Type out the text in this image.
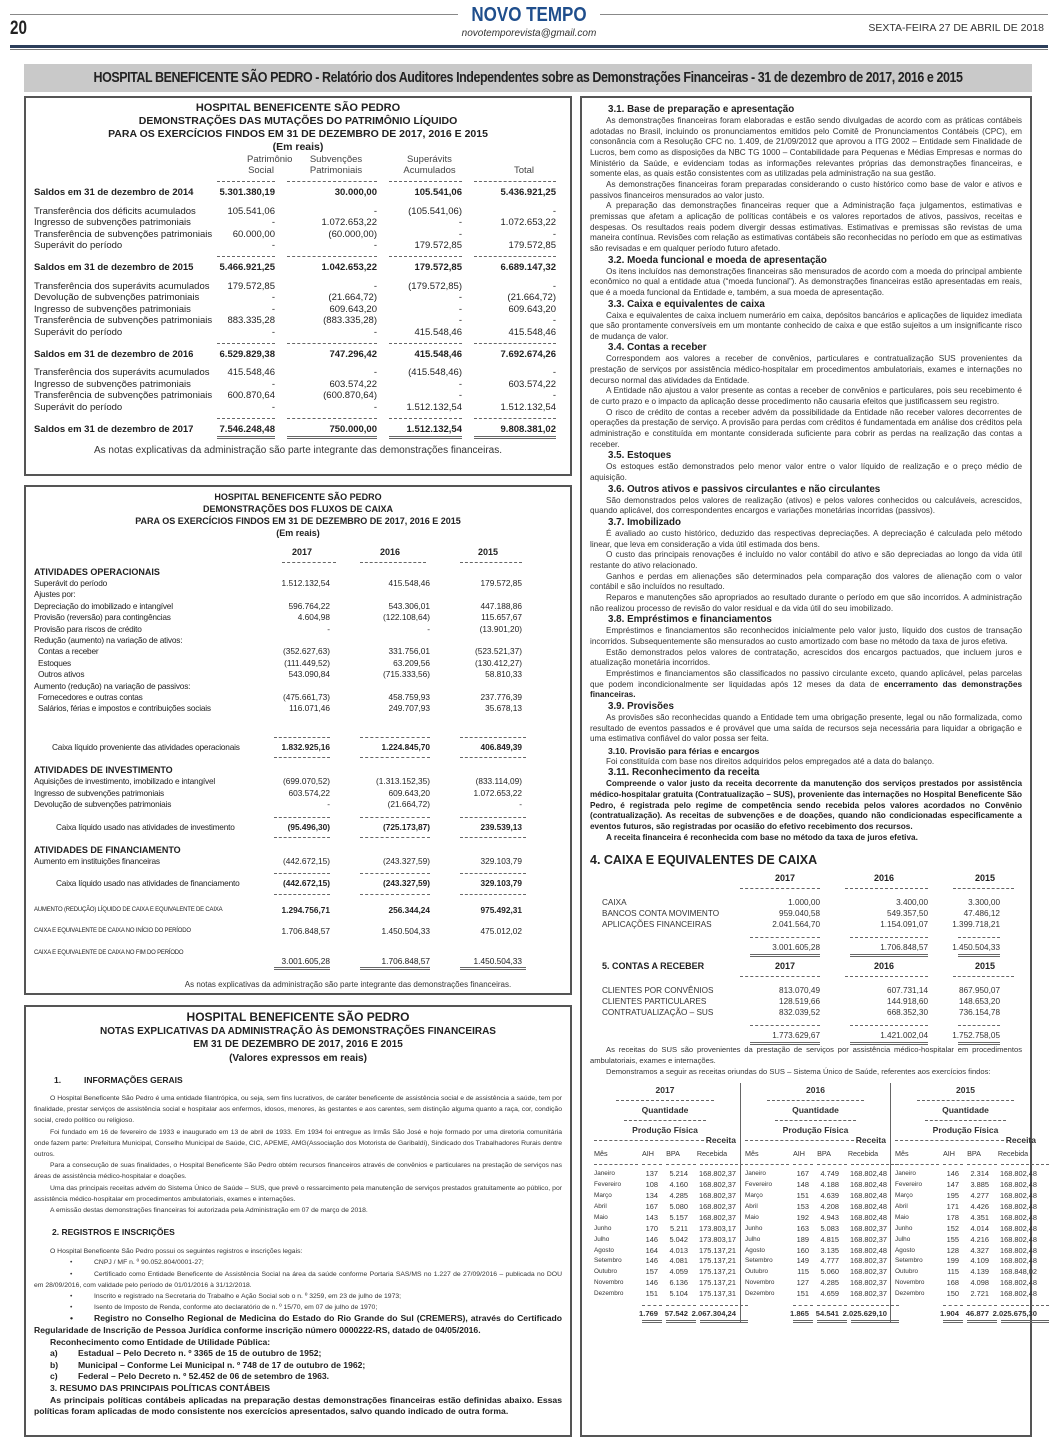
20
NOVO TEMPO
novotemporevista@gmail.com	SEXTA-FEIRA 27 DE ABRIL DE 2018
HOSPITAL BENEFICENTE SÃO PEDRO - Relatório dos Auditores Independentes sobre as Demonstrações Financeiras - 31 de dezembro de 2017, 2016 e 2015
HOSPITAL BENEFICENTE SÃO PEDRO
DEMONSTRAÇÕES DAS MUTAÇÕES DO PATRIMÔNIO LÍQUIDO
PARA OS EXERCÍCIOS FINDOS EM 31 DE DEZEMBRO DE 2017, 2016 E 2015
(Em reais)
Patrimônio
Social
Subvenções
Patrimoniais
Superávits
Acumulados	Total
Saldos em 31 de dezembro de 2014	5.301.380,19	30.000,00	105.541,06	5.436.921,25
Transferência dos déficits acumulados	105.541,06	-	(105.541,06)	-
Ingresso de subvenções patrimoniais	-	1.072.653,22	-	1.072.653,22
Transferência de subvenções patrimoniais	60.000,00	(60.000,00)	-	-
Superávit do período	-	-	179.572,85	179.572,85
Saldos em 31 de dezembro de 2015	5.466.921,25	1.042.653,22	179.572,85	6.689.147,32
Transferência dos superávits acumulados	179.572,85	-	(179.572,85)	-
Devolução de subvenções patrimoniais	-	(21.664,72)	-	(21.664,72)
Ingresso de subvenções patrimoniais	-	609.643,20	-	609.643,20
Transferência de subvenções patrimoniais	883.335,28	(883.335,28)	-	-
Superávit do período	-	-	415.548,46	415.548,46
Saldos em 31 de dezembro de 2016	6.529.829,38	747.296,42	415.548,46	7.692.674,26
Transferência dos superávits acumulados	415.548,46	-	(415.548,46)	-
Ingresso de subvenções patrimoniais	-	603.574,22	-	603.574,22
Transferência de subvenções patrimoniais	600.870,64	(600.870,64)	-	-
Superávit do período	-	-	1.512.132,54	1.512.132,54
Saldos em 31 de dezembro de 2017	7.546.248,48	750.000,00	1.512.132,54	9.808.381,02
As notas explicativas da administração são parte integrante das demonstrações financeiras.
HOSPITAL BENEFICENTE SÃO PEDRO
DEMONSTRAÇÕES DOS FLUXOS DE CAIXA
PARA OS EXERCÍCIOS FINDOS EM 31 DE DEZEMBRO DE 2017, 2016 E 2015
(Em reais)
2017	2016	2015
ATIVIDADES OPERACIONAIS
Superávit do período	1.512.132,54	415.548,46	179.572,85
Ajustes por:
Depreciação do imobilizado e intangível	596.764,22	543.306,01	447.188,86
Provisão (reversão) para contingências	4.604,98	(122.108,64)	115.657,67
Provisão para riscos de crédito	-	-	(13.901,20)
Redução (aumento) na variação de ativos:
Contas a receber	(352.627,63)	331.756,01	(523.521,37)
Estoques	(111.449,52)	63.209,56	(130.412,27)
Outros ativos	543.090,84	(715.333,56)	58.810,33
Aumento (redução) na variação de passivos:
Fornecedores e outras contas	(475.661,73)	458.759,93	237.776,39
Salários, férias e impostos e contribuições sociais	116.071,46	249.707,93	35.678,13
Caixa líquido proveniente das atividades operacionais	1.832.925,16	1.224.845,70	406.849,39
ATIVIDADES DE INVESTIMENTO
Aquisições de investimento, imobilizado e intangível	(699.070,52)	(1.313.152,35)	(833.114,09)
Ingresso de subvenções patrimoniais	603.574,22	609.643,20	1.072.653,22
Devolução de subvenções patrimoniais	-	(21.664,72)	-
Caixa líquido usado nas atividades de investimento	(95.496,30)	(725.173,87)	239.539,13
ATIVIDADES DE FINANCIAMENTO
Aumento em instituições financeiras	(442.672,15)	(243.327,59)	329.103,79
Caixa líquido usado nas atividades de financiamento	(442.672,15)	(243.327,59)	329.103,79
AUMENTO (REDUÇÃO) LÍQUIDO DE CAIXA E EQUIVALENTE DE CAIXA	1.294.756,71	256.344,24	975.492,31
CAIXA E EQUIVALENTE DE CAIXA NO INÍCIO DO PERÍODO	1.706.848,57	1.450.504,33	475.012,02
CAIXA E EQUIVALENTE DE CAIXA NO FIM DO PERÍODO
3.001.605,28	1.706.848,57	1.450.504,33
As notas explicativas da administração são parte integrante das demonstrações financeiras.
HOSPITAL BENEFICENTE SÃO PEDRO
NOTAS EXPLICATIVAS DA ADMINISTRAÇÃO ÀS DEMONSTRAÇÕES FINANCEIRAS
EM 31 DE DEZEMBRO DE 2017, 2016 E 2015
(Valores expressos em reais)
1.	INFORMAÇÕES GERAIS

O Hospital Beneficente São Pedro é uma entidade filantrópica, ou seja, sem fins lucrativos, de caráter beneficente de assistência social e de assistência a saúde, tem por finalidade, prestar serviços de assistência social e hospitalar aos enfermos, idosos, menores, às gestantes e aos carentes, sem distinção alguma quanto a raça, cor, condição social, credo político ou religioso.

Foi fundado em 16 de fevereiro de 1933 e inaugurado em 13 de abril de 1933. Em 1934 foi entregue as Irmãs São José e hoje formado por uma diretoria comunitária onde fazem parte: Prefeitura Municipal, Conselho Municipal de Saúde, CIC, APEME, AMG(Associação dos Motorista de Garibaldi), Sindicado dos Trabalhadores Rurais dentre outros.

Para a consecução de suas finalidades, o Hospital Beneficente São Pedro obtém recursos financeiros através de convênios e particulares na prestação de serviços nas áreas de assistência médico-hospitalar e doações.

Uma das principais receitas advém do Sistema Único de Saúde – SUS, que prevê o ressarcimento pela manutenção de serviços prestados gratuitamente ao público, por assistência médico-hospitalar em procedimentos ambulatoriais, exames e internações.

A emissão destas demonstrações financeiras foi autorizada pela Administração em 07 de março de 2018.

2. REGISTROS E INSCRIÇÕES

O Hospital Beneficente São Pedro possui os seguintes registros e inscrições legais:

•	CNPJ / MF n. º 90.052.804/0001-27;

•	Certificado como Entidade Beneficente de Assistência Social na área da saúde conforme Portaria SAS/MS no 1.227 de 27/09/2016 – publicada no DOU em 28/09/2016, com validade pelo período de 01/01/2016 à 31/12/2018.

•	Inscrito e registrado na Secretaria do Trabalho e Ação Social sob o n. º 3259, em 23 de julho de 1973;

•	Isento de Imposto de Renda, conforme ato declaratório de n. º 15/70, em 07 de julho de 1970;

• Registro no Conselho Regional de Medicina do Estado do Rio Grande do Sul (CREMERS), através do Certificado Regularidade de Inscrição de Pessoa Jurídica conforme inscrição número 0000222-RS, datado de 04/05/2016.

Reconhecimento como Entidade de Utilidade Pública:

a)	Estadual – Pelo Decreto n. º 3365 de 15 de outubro de 1952;
b)	Municipal – Conforme Lei Municipal n. º 748 de 17 de outubro de 1962;
c)	Federal – Pelo Decreto n. º 52.452 de 06 de setembro de 1963.

3. RESUMO DAS PRINCIPAIS POLÍTICAS CONTÁBEIS

As principais políticas contábeis aplicadas na preparação destas demonstrações financeiras estão definidas abaixo. Essas políticas foram aplicadas de modo consistente nos exercícios apresentados, salvo quando indicado de outra forma.

3.1. Base de preparação e apresentação

As demonstrações financeiras foram elaboradas e estão sendo divulgadas de acordo com as práticas contábeis adotadas no Brasil, incluindo os pronunciamentos emitidos pelo Comitê de Pronunciamentos Contábeis (CPC), em consonância com a Resolução CFC no. 1.409, de 21/09/2012 que aprovou a ITG 2002 – Entidade sem Finalidade de Lucros, bem como as disposições da NBC TG 1000 – Contabilidade para Pequenas e Médias Empresas e normas do Ministério da Saúde, e evidenciam todas as informações relevantes próprias das demonstrações financeiras, e somente elas, as quais estão consistentes com as utilizadas pela administração na sua gestão.

As demonstrações financeiras foram preparadas considerando o custo histórico como base de valor e ativos e passivos financeiros mensurados ao valor justo.

A preparação das demonstrações financeiras requer que a Administração faça julgamentos, estimativas e premissas que afetam a aplicação de políticas contábeis e os valores reportados de ativos, passivos, receitas e despesas. Os resultados reais podem divergir dessas estimativas. Estimativas e premissas são revistas de uma maneira contínua. Revisões com relação as estimativas contábeis são reconhecidas no período em que as estimativas são revisadas e em qualquer período futuro afetado.

3.2. Moeda funcional e moeda de apresentação

Os itens incluídos nas demonstrações financeiras são mensurados de acordo com a moeda do principal ambiente econômico no qual a entidade atua (“moeda funcional”). As demonstrações financeiras estão apresentadas em reais, que é a moeda funcional da Entidade e, também, a sua moeda de apresentação.

3.3. Caixa e equivalentes de caixa

Caixa e equivalentes de caixa incluem numerário em caixa, depósitos bancários e aplicações de liquidez imediata que são prontamente conversíveis em um montante conhecido de caixa e que estão sujeitos a um insignificante risco de mudança de valor.

3.4. Contas a receber

Correspondem aos valores a receber de convênios, particulares e contratualização SUS provenientes da prestação de serviços por assistência médico-hospitalar em procedimentos ambulatoriais, exames e internações no decurso normal das atividades da Entidade.

A Entidade não ajustou a valor presente as contas a receber de convênios e particulares, pois seu recebimento é de curto prazo e o impacto da aplicação desse procedimento não causaria efeitos que justificassem seu registro.

O risco de crédito de contas a receber advém da possibilidade da Entidade não receber valores decorrentes de operações da prestação de serviço. A provisão para perdas com créditos é fundamentada em análise dos créditos pela administração e constituída em montante considerada suficiente para cobrir as perdas na realização das contas a receber.

3.5. Estoques

Os estoques estão demonstrados pelo menor valor entre o valor líquido de realização e o preço médio de aquisição.

3.6. Outros ativos e passivos circulantes e não circulantes

São demonstrados pelos valores de realização (ativos) e pelos valores conhecidos ou calculáveis, acrescidos, quando aplicável, dos correspondentes encargos e variações monetárias incorridas (passivos).

3.7. Imobilizado

É avaliado ao custo histórico, deduzido das respectivas depreciações. A depreciação é calculada pelo método linear, que leva em consideração a vida útil estimada dos bens.

O custo das principais renovações é incluído no valor contábil do ativo e são depreciadas ao longo da vida útil restante do ativo relacionado.

Ganhos e perdas em alienações são determinados pela comparação dos valores de alienação com o valor contábil e são incluídos no resultado.

Reparos e manutenções são apropriados ao resultado durante o período em que são incorridos. A administração não realizou processo de revisão do valor residual e da vida útil do seu imobilizado.

3.8. Empréstimos e financiamentos

Empréstimos e financiamentos são reconhecidos inicialmente pelo valor justo, líquido dos custos de transação incorridos. Subsequentemente são mensurados ao custo amortizado com base no método da taxa de juros efetiva.

Estão demonstrados pelos valores de contratação, acrescidos dos encargos pactuados, que incluem juros e atualização monetária incorridos.

Empréstimos e financiamentos são classificados no passivo circulante exceto, quando aplicável, pelas parcelas que podem incondicionalmente ser liquidadas após 12 meses da data de encerramento das demonstrações financeiras.

3.9. Provisões

As provisões são reconhecidas quando a Entidade tem uma obrigação presente, legal ou não formalizada, como resultado de eventos passados e é provável que uma saída de recursos seja necessária para liquidar a obrigação e uma estimativa confiável do valor possa ser feita.

3.10. Provisão para férias e encargos

Foi constituída com base nos direitos adquiridos pelos empregados até a data do balanço.

3.11. Reconhecimento da receita

Compreende o valor justo da receita decorrente da manutenção dos serviços prestados por assistência médico-hospitalar gratuita (Contratualização – SUS), proveniente das internações no Hospital Beneficente São Pedro, é registrada pelo regime de competência sendo recebida pelos valores acordados no Convênio (contratualização). As receitas de subvenções e de doações, quando não condicionadas especificamente a eventos futuros, são registradas por ocasião do efetivo recebimento dos recursos.

A receita financeira é reconhecida com base no método da taxa de juros efetiva.

4. CAIXA E EQUIVALENTES DE CAIXA
2017	2016	2015
CAIXA	1.000,00	3.400,00	3.300,00
BANCOS CONTA MOVIMENTO	959.040,58	549.357,50	47.486,12
APLICAÇÕES FINANCEIRAS	2.041.564,70	1.154.091,07	1.399.718,21
3.001.605,28	1.706.848,57	1.450.504,33
5. CONTAS A RECEBER	2017	2016	2015
CLIENTES POR CONVÊNIOS	813.070,49	607.731,14	867.950,07
CLIENTES PARTICULARES	128.519,66	144.918,60	148.653,20
CONTRATUALIZAÇÃO – SUS	832.039,52	668.352,30	736.154,78
1.773.629,67	1.421.002,04	1.752.758,05

As receitas do SUS são provenientes da prestação de serviços por assistência médico-hospitalar em procedimentos ambulatoriais, exames e internações.

Demonstramos a seguir as receitas oriundas do SUS – Sistema Único de Saúde, referentes aos exercícios findos:

2017
Quantidade
Produção Física
Receita
Mês	AIH	BPA	Recebida
Janeiro	137	5.214	168.802,37
Fevereiro	108	4.160	168.802,37
Março	134	4.285	168.802,37
Abril	167	5.080	168.802,37
Maio	143	5.157	168.802,37
Junho	170	5.211	173.803,17
Julho	146	5.042	173.803,17
Agosto	164	4.013	175.137,21
Setembro	146	4.081	175.137,21
Outubro	157	4.059	175.137,21
Novembro	146	6.136	175.137,21
Dezembro	151	5.104	175.137,31
1.769 57.542 2.067.304,24
2016
Quantidade
Produção Física
Receita
Mês	AIH	BPA	Recebida
Janeiro	167	4.749	168.802,48
Fevereiro	148	4.188	168.802,48
Março	151	4.639	168.802,48
Abril	153	4.208	168.802,48
Maio	192	4.943	168.802,48
Junho	163	5.083	168.802,37
Julho	189	4.815	168.802,37
Agosto	160	3.135	168.802,48
Setembro	149	4.777	168.802,37
Outubro	115	5.060	168.802,37
Novembro	127	4.285	168.802,37
Dezembro	151	4.659	168.802,37
1.865 54.541 2.025.629,10
2015
Quantidade
Produção Física
Receita
Mês	AIH	BPA	Recebida
Janeiro	146	2.314	168.802,48
Fevereiro	147	3.885	168.802,48
Março	195	4.277	168.802,48
Abril	171	4.426	168.802,48
Maio	178	4.351	168.802,48
Junho	152	4.014	168.802,48
Julho	155	4.216	168.802,48
Agosto	128	4.327	168.802,48
Setembro	199	4.109	168.802,48
Outubro	115	4.139	168.848,02
Novembro	168	4.098	168.802,48
Dezembro	150	2.721	168.802,48
1.904 46.877 2.025.675,30
